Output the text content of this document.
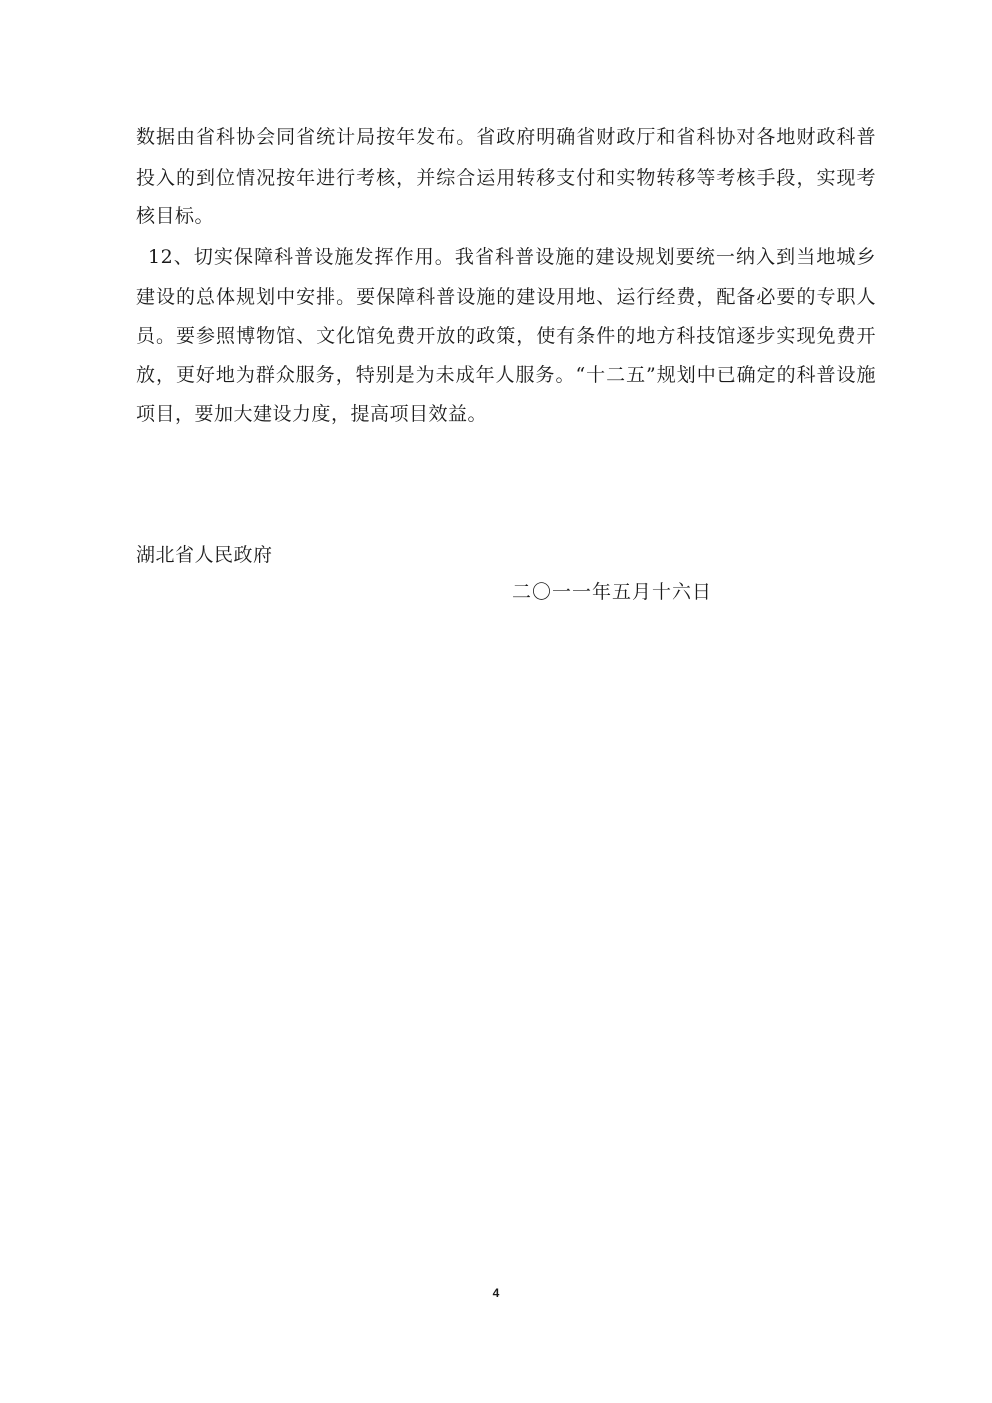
数据由省科协会同省统计局按年发布。省政府明确省财政厅和省科协对各地财政科普
投入的到位情况按年进行考核，并综合运用转移支付和实物转移等考核手段，实现考
核目标。
12、切实保障科普设施发挥作用。我省科普设施的建设规划要统一纳入到当地城乡
建设的总体规划中安排。要保障科普设施的建设用地、运行经费，配备必要的专职人
员。要参照博物馆、文化馆免费开放的政策，使有条件的地方科技馆逐步实现免费开
放，更好地为群众服务，特别是为未成年人服务。“十二五”规划中已确定的科普设施
项目，要加大建设力度，提高项目效益。
湖北省人民政府
二〇一一年五月十六日
4
